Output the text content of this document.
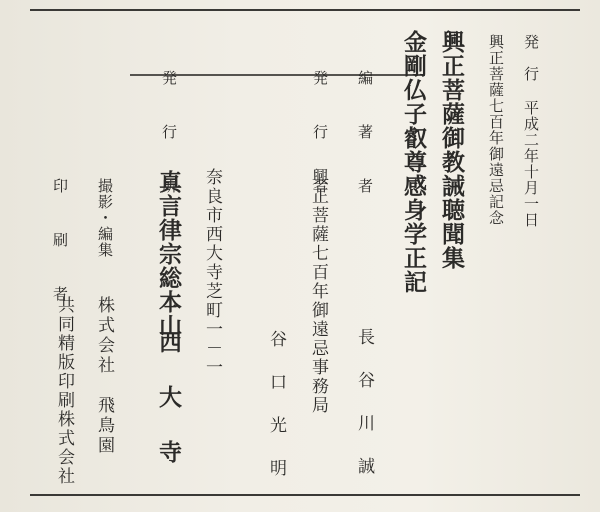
発　行
平成二年十月一日
興正菩薩七百年御遠忌記念
興正菩薩御教誡聴聞集
金剛仏子叡尊感身学正記
編　著　者
長谷川誠
発　行　者
興正菩薩七百年御遠忌事務局
谷口光明
奈良市西大寺芝町一－一
発　行　所
真言律宗総本山
西大寺
撮影・編集
株式会社　飛鳥園
印　刷　者
共同精版印刷株式会社
